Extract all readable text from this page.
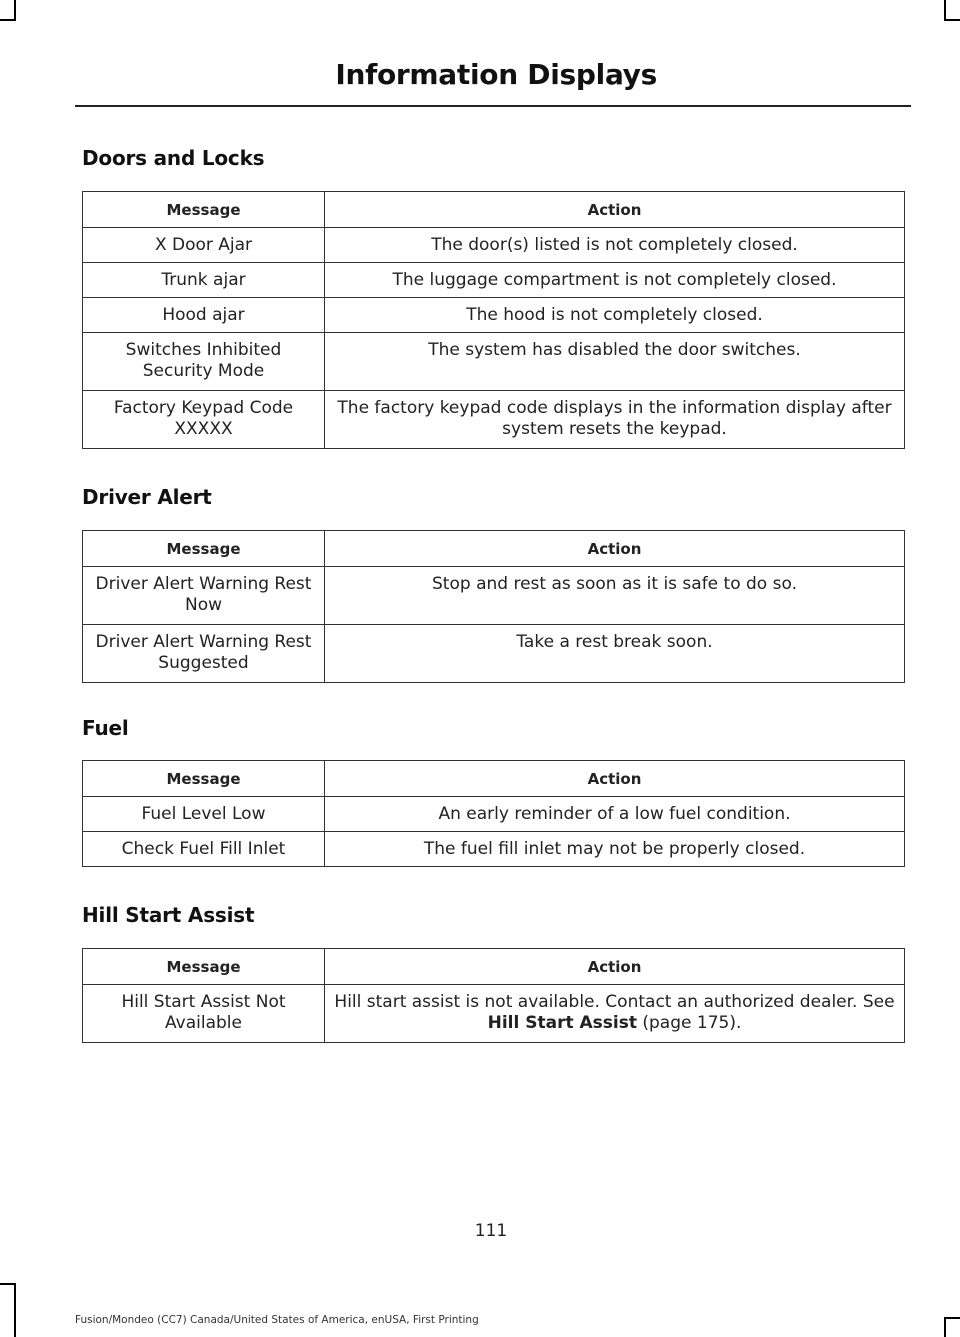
Information Displays
Doors and Locks
Message	Action
X Door Ajar	The door(s) listed is not completely closed.
Trunk ajar	The luggage compartment is not completely closed.
Hood ajar	The hood is not completely closed.
Switches Inhibited Security Mode	The system has disabled the door switches.
Factory Keypad Code XXXXX	The factory keypad code displays in the information display after system resets the keypad.
Driver Alert
Message	Action
Driver Alert Warning Rest Now	Stop and rest as soon as it is safe to do so.
Driver Alert Warning Rest Suggested	Take a rest break soon.
Fuel
Message	Action
Fuel Level Low	An early reminder of a low fuel condition.
Check Fuel Fill Inlet	The fuel fill inlet may not be properly closed.
Hill Start Assist
Message	Action
Hill Start Assist Not Available	Hill start assist is not available. Contact an authorized dealer. See Hill Start Assist (page 175).
111
Fusion/Mondeo (CC7) Canada/United States of America, enUSA, First Printing
